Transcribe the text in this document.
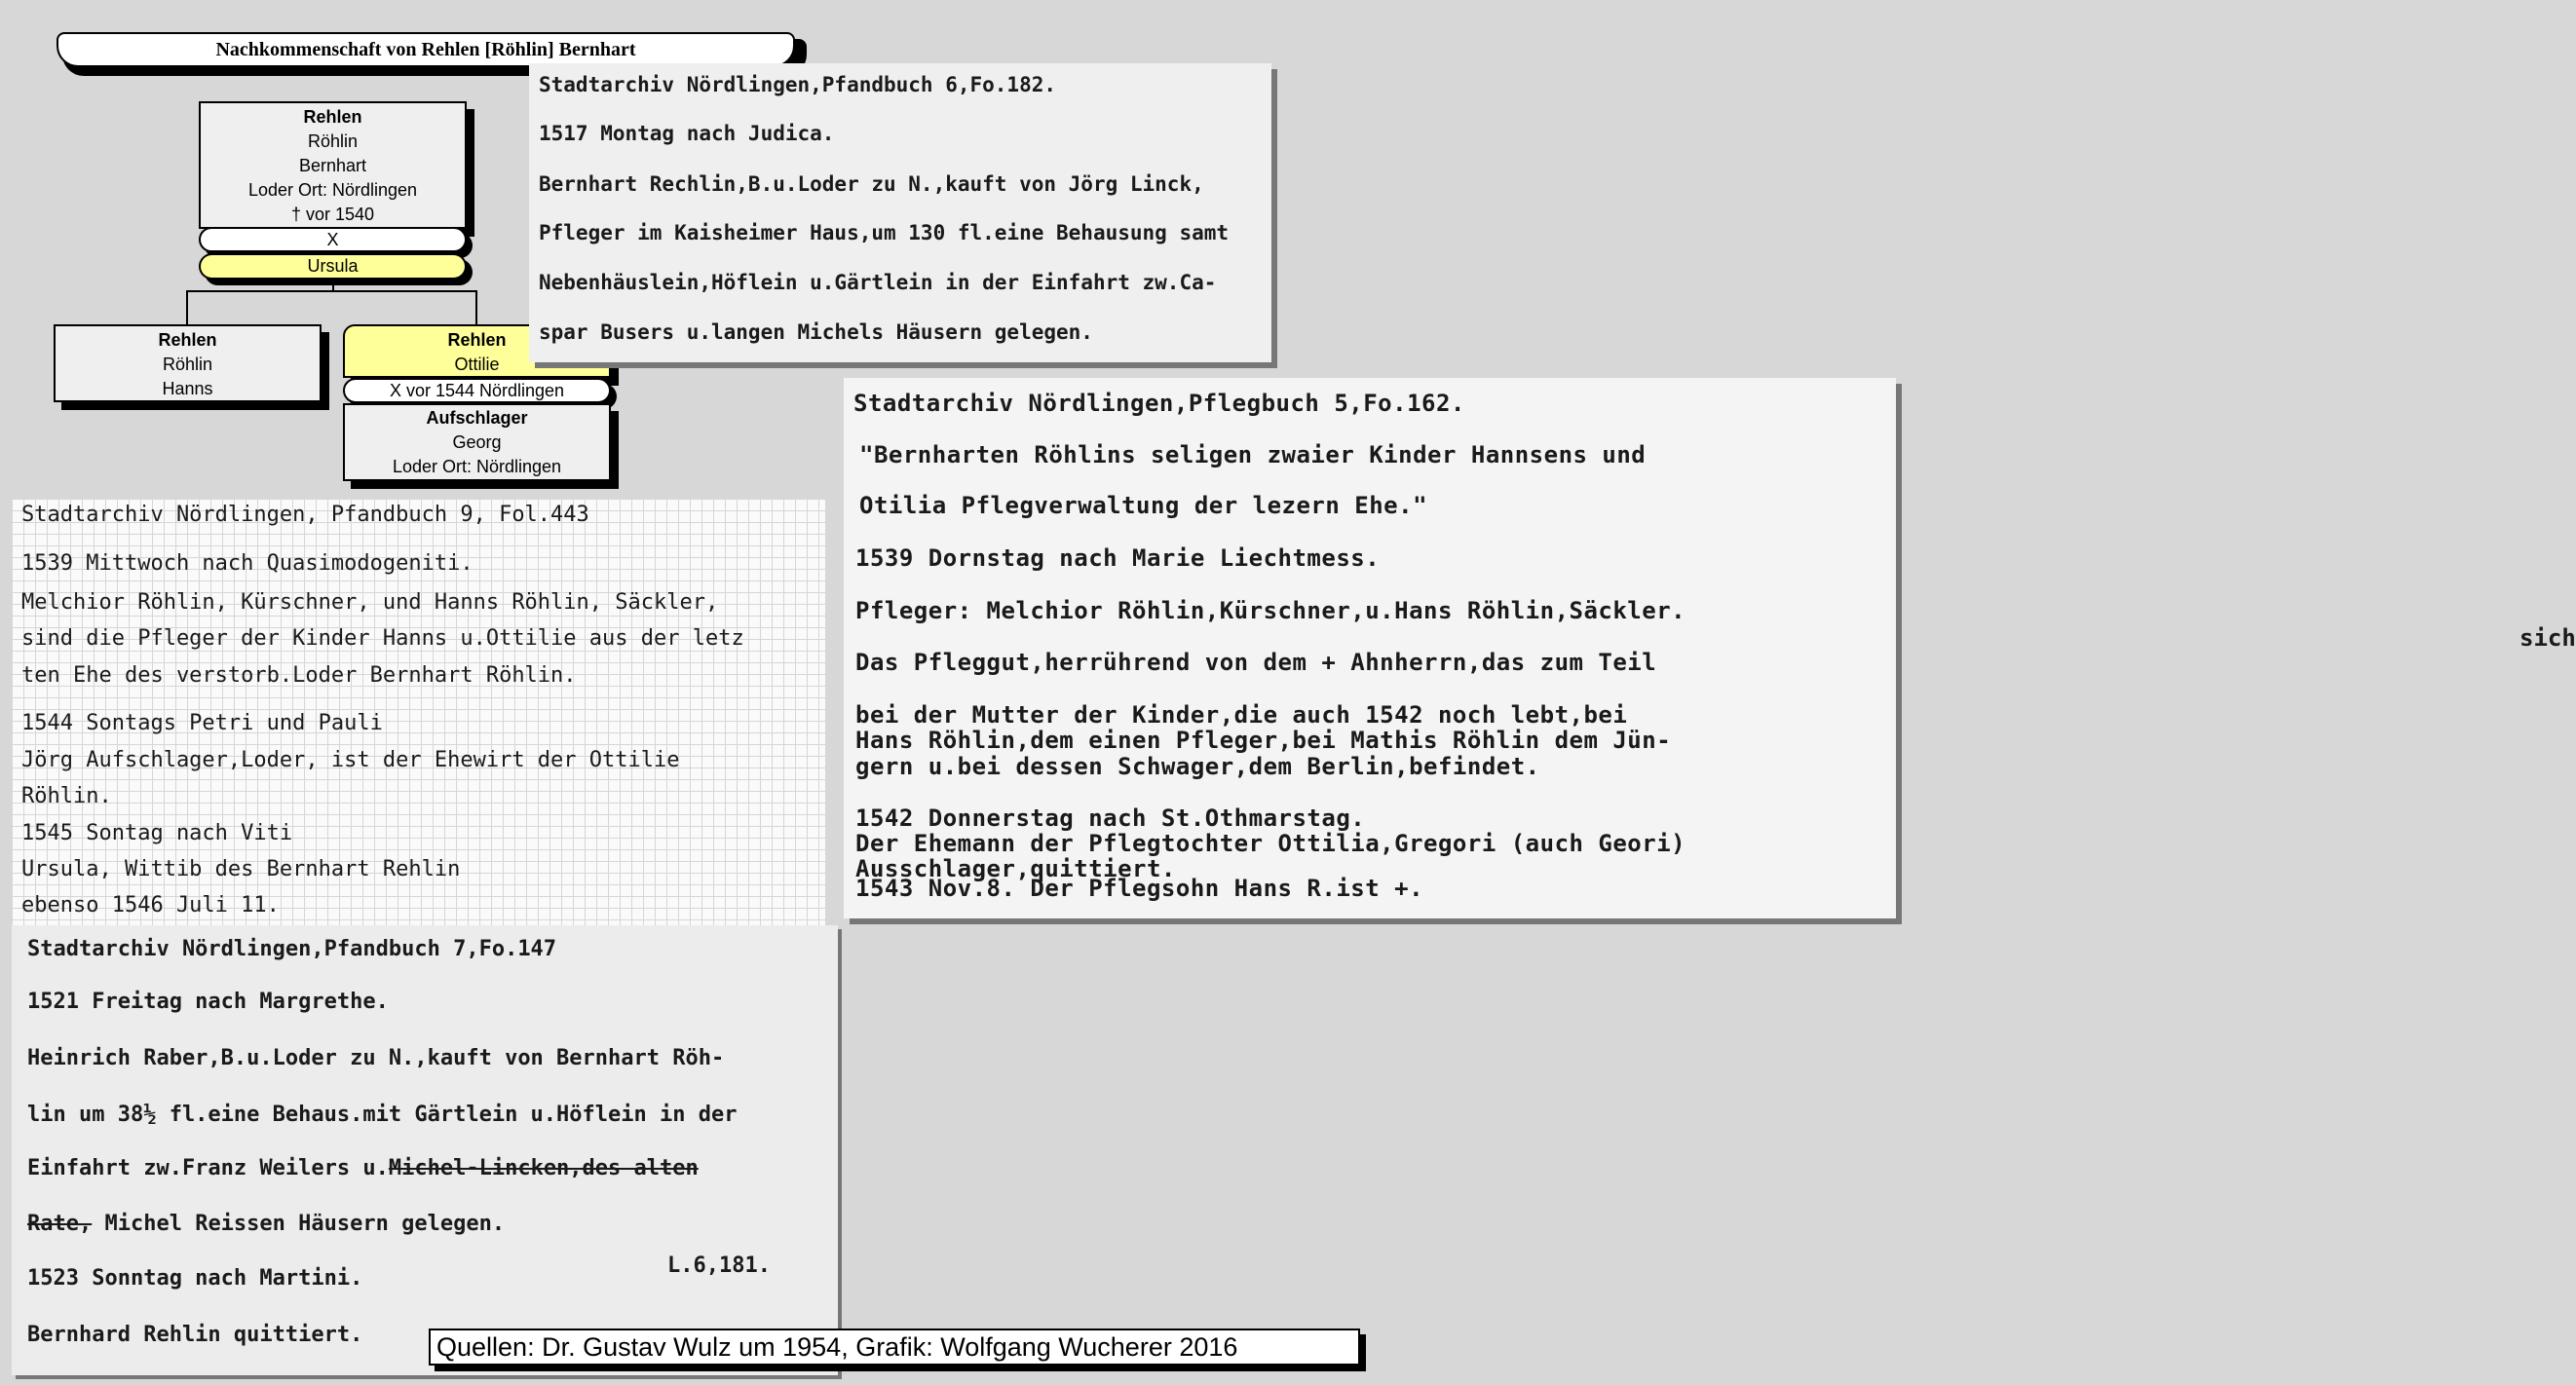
Nachkommenschaft von Rehlen [Röhlin] Bernhart
Rehlen
Röhlin
Bernhart
Loder Ort: Nördlingen
† vor 1540
X
Ursula
Rehlen
Röhlin
Hanns
Rehlen
Ottilie
X vor 1544 Nördlingen
Aufschlager
Georg
Loder Ort: Nördlingen
Stadtarchiv Nördlingen, Pfandbuch 9, Fol.443
1539 Mittwoch nach Quasimodogeniti.
Melchior Röhlin, Kürschner, und Hanns Röhlin, Säckler,
sind die Pfleger der Kinder Hanns u.Ottilie aus der letz
ten Ehe des verstorb.Loder Bernhart Röhlin.
1544 Sontags Petri und Pauli
Jörg Aufschlager,Loder, ist der Ehewirt der Ottilie
Röhlin.
1545 Sontag nach Viti
Ursula, Wittib des Bernhart Rehlin
ebenso 1546 Juli 11.
Stadtarchiv Nördlingen,Pfandbuch 6,Fo.182.
1517 Montag nach Judica.
Bernhart Rechlin,B.u.Loder zu N.,kauft von Jörg Linck,
Pfleger im Kaisheimer Haus,um 130 fl.eine Behausung samt
Nebenhäuslein,Höflein u.Gärtlein in der Einfahrt zw.Ca-
spar Busers u.langen Michels Häusern gelegen.
Stadtarchiv Nördlingen,Pflegbuch 5,Fo.162.
"Bernharten Röhlins seligen zwaier Kinder Hannsens und
Otilia Pflegverwaltung der lezern Ehe."
1539 Dornstag nach Marie Liechtmess.
Pfleger: Melchior Röhlin,Kürschner,u.Hans Röhlin,Säckler.
sich
Das Pfleggut,herrührend von dem + Ahnherrn,das zum Teil
bei der Mutter der Kinder,die auch 1542 noch lebt,bei
Hans Röhlin,dem einen Pfleger,bei Mathis Röhlin dem Jün-
gern u.bei dessen Schwager,dem Berlin,befindet.
1542 Donnerstag nach St.Othmarstag.
Der Ehemann der Pflegtochter Ottilia,Gregori (auch Geori)
Ausschlager,quittiert.
1543 Nov.8. Der Pflegsohn Hans R.ist +.
Stadtarchiv Nördlingen,Pfandbuch 7,Fo.147
1521 Freitag nach Margrethe.
Heinrich Raber,B.u.Loder zu N.,kauft von Bernhart Röh-
lin um 38½ fl.eine Behaus.mit Gärtlein u.Höflein in der
Einfahrt zw.Franz Weilers u.Michel-Lincken,des alten
Rate, Michel Reissen Häusern gelegen.
L.6,181.
1523 Sonntag nach Martini.
Bernhard Rehlin quittiert.	Quellen: Dr. Gustav Wulz um 1954, Grafik: Wolfgang Wucherer 2016
